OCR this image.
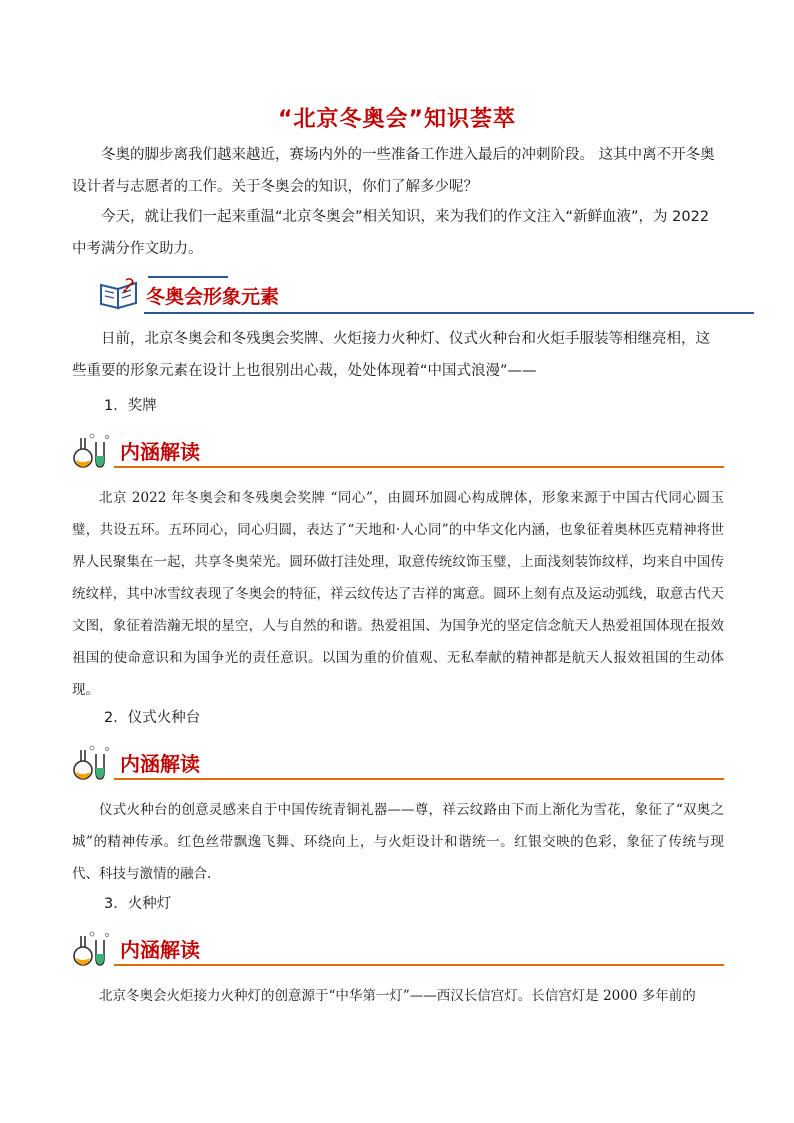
“北京冬奥会”知识荟萃

冬奥的脚步离我们越来越近，赛场内外的一些准备工作进入最后的冲刺阶段。 这其中离不开冬奥设计者与志愿者的工作。关于冬奥会的知识，你们了解多少呢？

今天，就让我们一起来重温“北京冬奥会”相关知识，来为我们的作文注入“新鲜血液”，为 2022 中考满分作文助力。

冬奥会形象元素

日前，北京冬奥会和冬残奥会奖牌、火炬接力火种灯、仪式火种台和火炬手服装等相继亮相，这些重要的形象元素在设计上也很别出心裁，处处体现着“中国式浪漫”——

1．奖牌
内涵解读

北京 2022 年冬奥会和冬残奥会奖牌 “同心”，由圆环加圆心构成牌体，形象来源于中国古代同心圆玉璧，共设五环。五环同心，同心归圆，表达了“天地和·人心同”的中华文化内涵，也象征着奥林匹克精神将世界人民聚集在一起，共享冬奥荣光。圆环做打洼处理，取意传统纹饰玉璧，上面浅刻装饰纹样，均来自中国传统纹样，其中冰雪纹表现了冬奥会的特征，祥云纹传达了吉祥的寓意。圆环上刻有点及运动弧线，取意古代天文图，象征着浩瀚无垠的星空，人与自然的和谐。热爱祖国、为国争光的坚定信念航天人热爱祖国体现在报效祖国的使命意识和为国争光的责任意识。以国为重的价值观、无私奉献的精神都是航天人报效祖国的生动体现。

2．仪式火种台
内涵解读

仪式火种台的创意灵感来自于中国传统青铜礼器——尊，祥云纹路由下而上渐化为雪花，象征了“双奥之城”的精神传承。红色丝带飘逸飞舞、环绕向上，与火炬设计和谐统一。红银交映的色彩，象征了传统与现代、科技与激情的融合.

3．火种灯
内涵解读

北京冬奥会火炬接力火种灯的创意源于“中华第一灯”——西汉长信宫灯。长信宫灯是 2000 多年前的
